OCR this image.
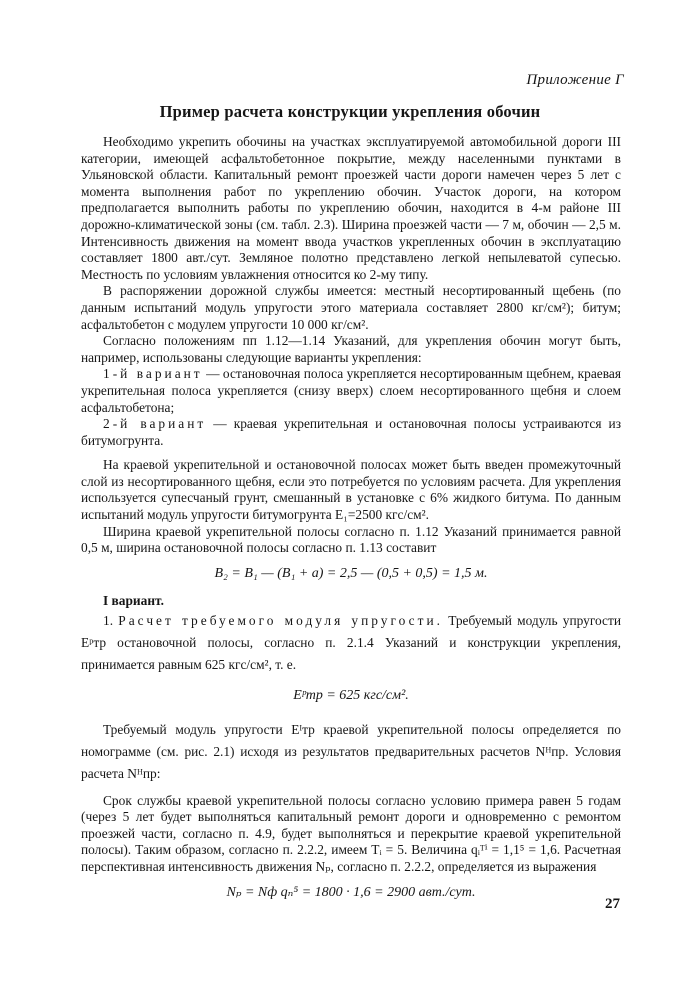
Приложение Г
Пример расчета конструкции укрепления обочин

Необходимо укрепить обочины на участках эксплуатируемой автомобильной дороги III категории, имеющей асфальтобетонное покрытие, между населенными пунктами в Ульяновской области. Капитальный ремонт проезжей части дороги намечен через 5 лет с момента выполнения работ по укреплению обочин. Участок дороги, на котором предполагается выполнить работы по укреплению обочин, находится в 4-м районе III дорожно-климатической зоны (см. табл. 2.3). Ширина проезжей части — 7 м, обочин — 2,5 м. Интенсивность движения на момент ввода участков укрепленных обочин в эксплуатацию составляет 1800 авт./сут. Земляное полотно представлено легкой непылеватой супесью. Местность по условиям увлажнения относится ко 2-му типу.

В распоряжении дорожной службы имеется: местный несортированный щебень (по данным испытаний модуль упругости этого материала составляет 2800 кг/см²); битум; асфальтобетон с модулем упругости 10 000 кг/см².

Согласно положениям пп 1.12—1.14 Указаний, для укрепления обочин могут быть, например, использованы следующие варианты укрепления:

1-й вариант — остановочная полоса укрепляется несортированным щебнем, краевая укрепительная полоса укрепляется (снизу вверх) слоем несортированного щебня и слоем асфальтобетона;

2-й вариант — краевая укрепительная и остановочная полосы устраиваются из битумогрунта.

На краевой укрепительной и остановочной полосах может быть введен промежуточный слой из несортированного щебня, если это потребуется по условиям расчета. Для укрепления используется супесчаный грунт, смешанный в установке с 6% жидкого битума. По данным испытаний модуль упругости битумогрунта E₁=2500 кгс/см².

Ширина краевой укрепительной полосы согласно п. 1.12 Указаний принимается равной 0,5 м, ширина остановочной полосы согласно п. 1.13 составит

B₂ = B₁ — (B₁ + a) = 2,5 — (0,5 + 0,5) = 1,5 м.

I вариант.

1. Расчет требуемого модуля упругости. Требуемый модуль упругости Eᵖтр остановочной полосы, согласно п. 2.1.4 Указаний и конструкции укрепления, принимается равным 625 кгс/см², т. е.

Eᵖтр = 625 кгс/см².

Требуемый модуль упругости Eᴵтр краевой укрепительной полосы определяется по номограмме (см. рис. 2.1) исходя из результатов предварительных расчетов Nᴴпр. Условия расчета Nᴴпр:

Срок службы краевой укрепительной полосы согласно условию примера равен 5 годам (через 5 лет будет выполняться капитальный ремонт дороги и одновременно с ремонтом проезжей части, согласно п. 4.9, будет выполняться и перекрытие краевой укрепительной полосы). Таким образом, согласно п. 2.2.2, имеем Tᵢ = 5. Величина qᵢᵀⁱ = 1,1⁵ = 1,6. Расчетная перспективная интенсивность движения Nₚ, согласно п. 2.2.2, определяется из выражения

Nₚ = Nф qₙ⁵ = 1800 · 1,6 = 2900 авт./сут.
27
